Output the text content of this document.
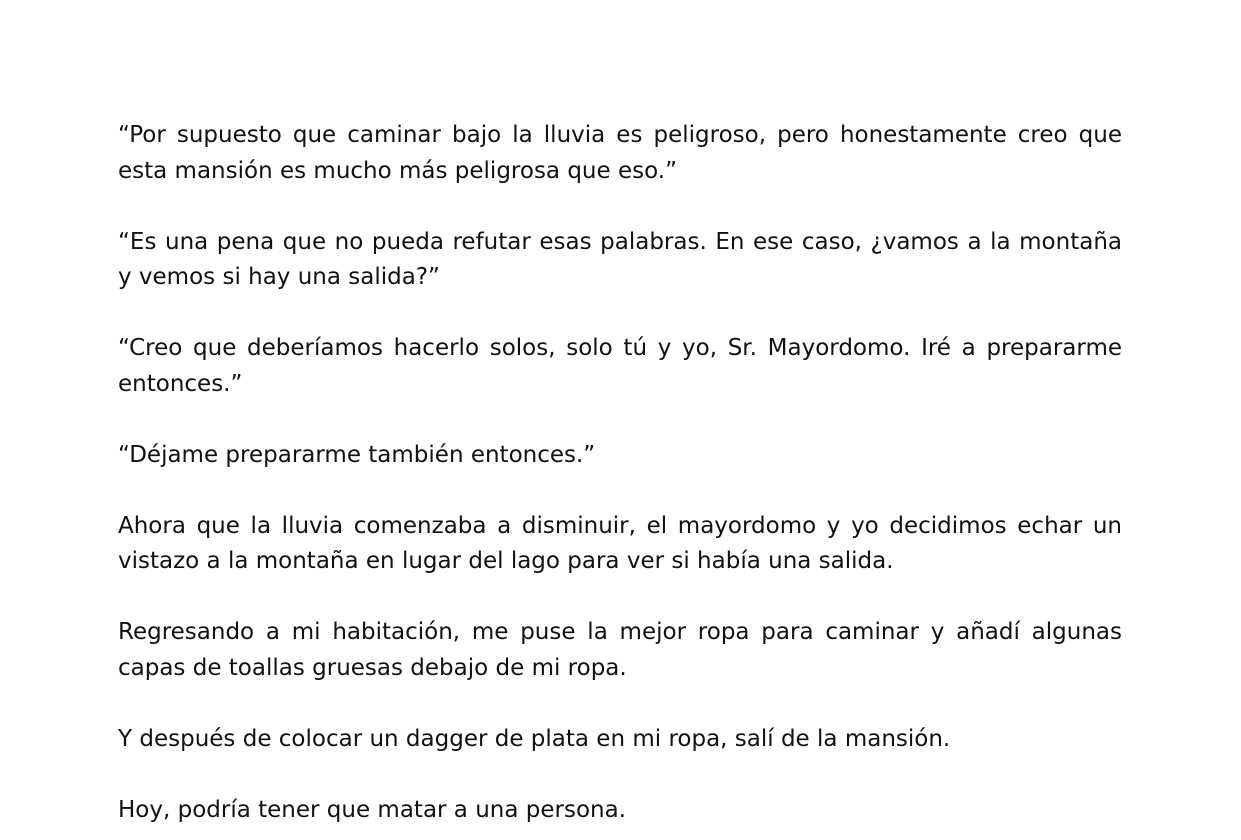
“Por supuesto que caminar bajo la lluvia es peligroso, pero honestamente creo que esta mansión es mucho más peligrosa que eso.”

“Es una pena que no pueda refutar esas palabras. En ese caso, ¿vamos a la montaña y vemos si hay una salida?”

“Creo que deberíamos hacerlo solos, solo tú y yo, Sr. Mayordomo. Iré a prepararme entonces.”

“Déjame prepararme también entonces.”

Ahora que la lluvia comenzaba a disminuir, el mayordomo y yo decidimos echar un vistazo a la montaña en lugar del lago para ver si había una salida.

Regresando a mi habitación, me puse la mejor ropa para caminar y añadí algunas capas de toallas gruesas debajo de mi ropa.

Y después de colocar un dagger de plata en mi ropa, salí de la mansión.

Hoy, podría tener que matar a una persona.
